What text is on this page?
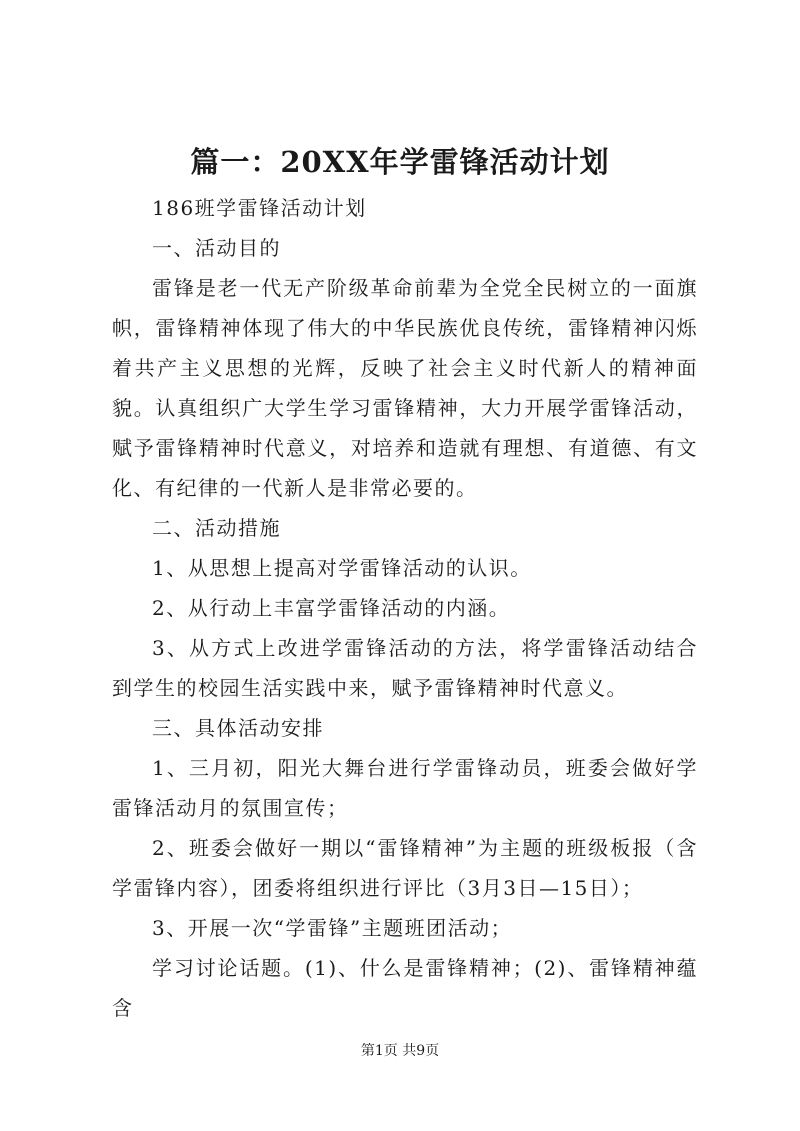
篇一：20XX年学雷锋活动计划

186班学雷锋活动计划

一、活动目的

雷锋是老一代无产阶级革命前辈为全党全民树立的一面旗帜，雷锋精神体现了伟大的中华民族优良传统，雷锋精神闪烁着共产主义思想的光辉，反映了社会主义时代新人的精神面貌。认真组织广大学生学习雷锋精神，大力开展学雷锋活动，赋予雷锋精神时代意义，对培养和造就有理想、有道德、有文化、有纪律的一代新人是非常必要的。

二、活动措施

1、从思想上提高对学雷锋活动的认识。

2、从行动上丰富学雷锋活动的内涵。

3、从方式上改进学雷锋活动的方法，将学雷锋活动结合到学生的校园生活实践中来，赋予雷锋精神时代意义。

三、具体活动安排

1、三月初，阳光大舞台进行学雷锋动员，班委会做好学雷锋活动月的氛围宣传；

2、班委会做好一期以“雷锋精神”为主题的班级板报（含学雷锋内容），团委将组织进行评比（3月3日—15日）；

3、开展一次“学雷锋”主题班团活动；

学习讨论话题。(1)、什么是雷锋精神；(2)、雷锋精神蕴含

第1页 共9页
